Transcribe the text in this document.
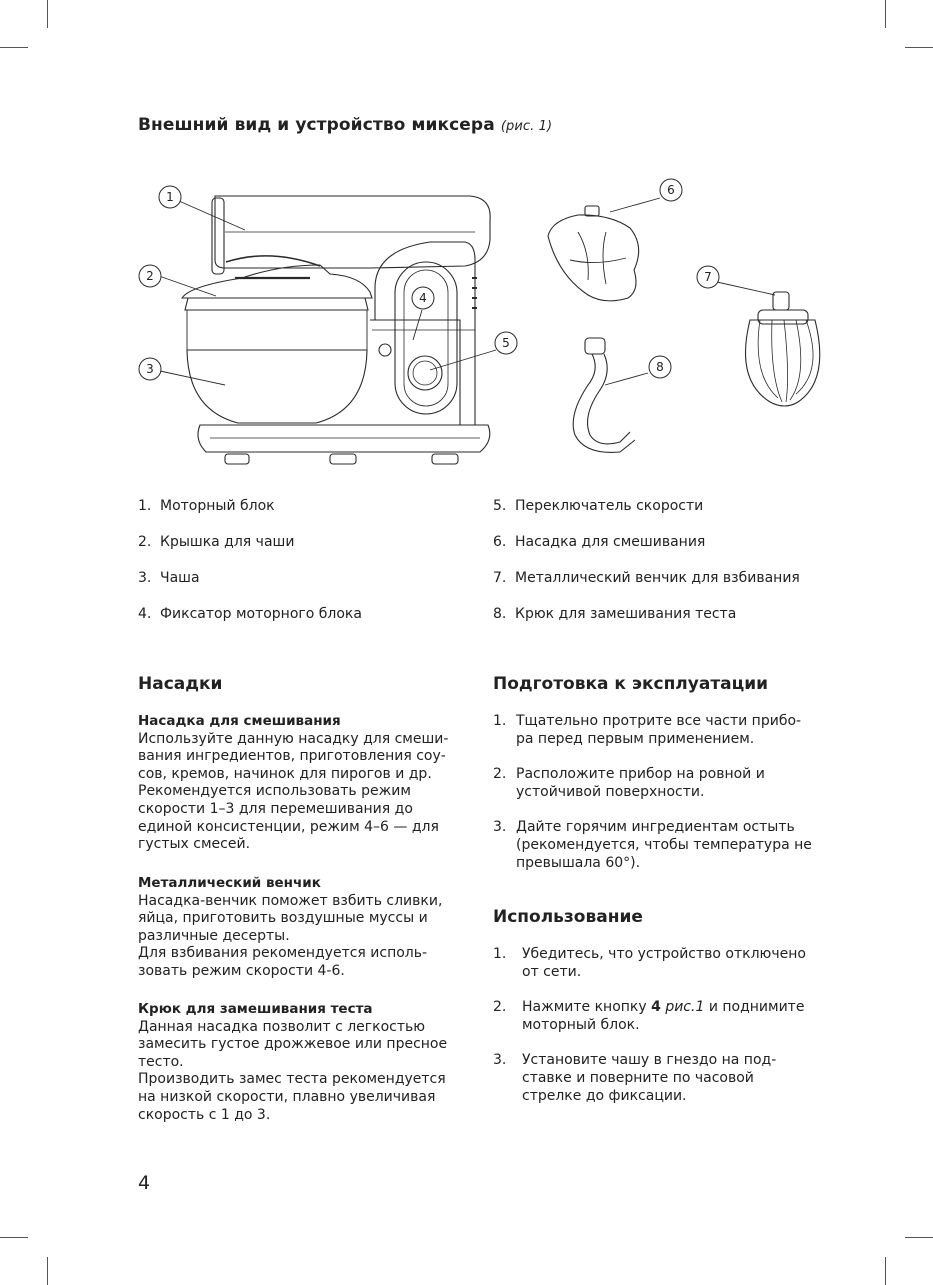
Внешний вид и устройство миксера (рис. 1)
1
2
3
4
5
6
7
8
1. Моторный блок
2. Крышка для чаши
3. Чаша
4. Фиксатор моторного блока
5. Переключатель скорости
6. Насадка для смешивания
7. Металлический венчик для взбивания
8. Крюк для замешивания теста
Насадки

Насадка для смешивания

Используйте данную насадку для смеши-

вания ингредиентов, приготовления соу-

сов, кремов, начинок для пирогов и др.

Рекомендуется использовать режим

скорости 1–3 для перемешивания до

единой консистенции, режим 4–6 — для

густых смесей.

Металлический венчик

Насадка-венчик поможет взбить сливки,

яйца, приготовить воздушные муссы и

различные десерты.

Для взбивания рекомендуется исполь-

зовать режим скорости 4-6.

Крюк для замешивания теста

Данная насадка позволит с легкостью

замесить густое дрожжевое или пресное

тесто.

Производить замес теста рекомендуется

на низкой скорости, плавно увеличивая

скорость с 1 до 3.

Подготовка к эксплуатации
1. Тщательно протрите все части прибо-
ра перед первым применением.
2. Расположите прибор на ровной и
устойчивой поверхности.
3. Дайте горячим ингредиентам остыть
(рекомендуется, чтобы температура не
превышала 60°).
Использование
1.	Убедитесь, что устройство отключено
от сети.
2.	Нажмите кнопку 4 рис.1 и поднимите
моторный блок.
3.	Установите чашу в гнездо на под-
ставке и поверните по часовой
стрелке до фиксации.
4
